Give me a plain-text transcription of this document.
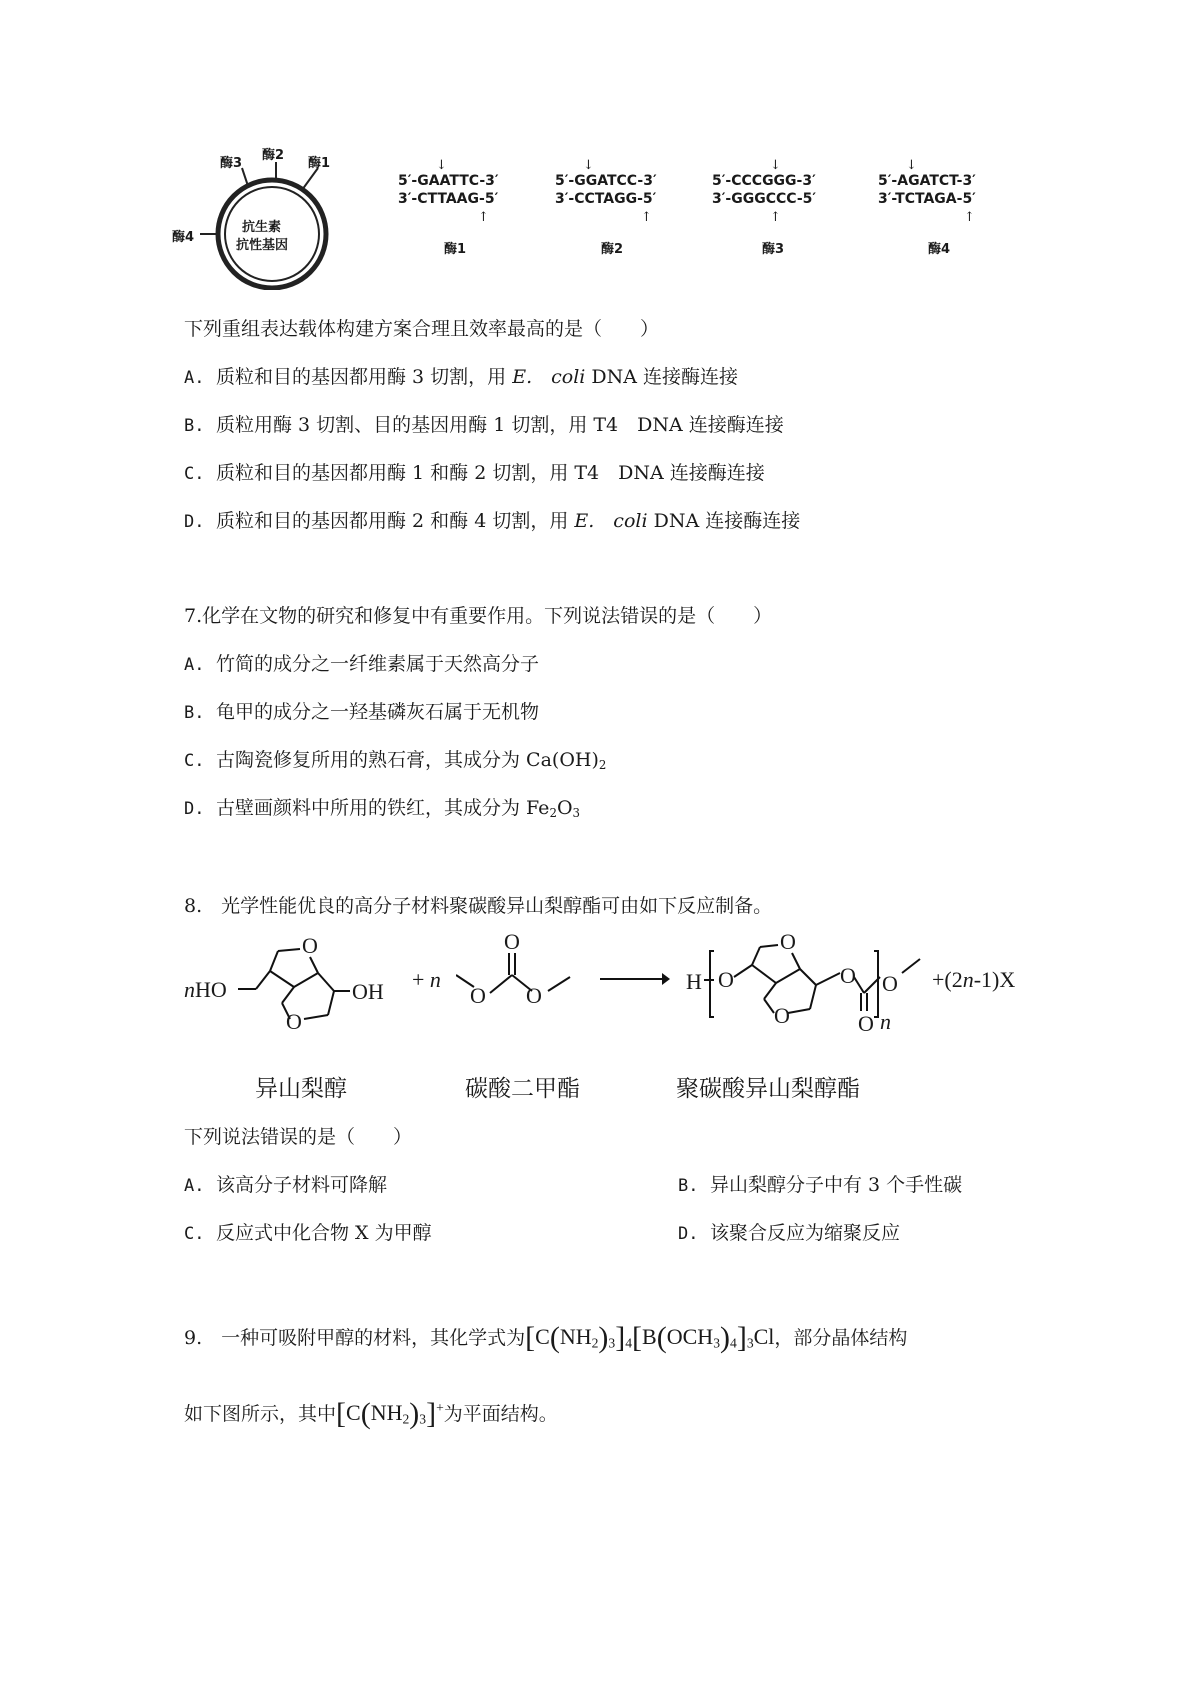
酶3
酶2
酶1
酶4
抗生素
抗性基因
↓
5′-GAATTC-3′
3′-CTTAAG-5′
↑
酶1
↓
5′-GGATCC-3′
3′-CCTAGG-5′
↑
酶2
↓
5′-CCCGGG-3′
3′-GGGCCC-5′
↑
酶3
↓
5′-AGATCT-3′
3′-TCTAGA-5′
↑
酶4
下列重组表达载体构建方案合理且效率最高的是（　　）
A. 质粒和目的基因都用酶 3 切割，用 E.　coli DNA 连接酶连接
B. 质粒用酶 3 切割、目的基因用酶 1 切割，用 T4　DNA 连接酶连接
C. 质粒和目的基因都用酶 1 和酶 2 切割，用 T4　DNA 连接酶连接
D. 质粒和目的基因都用酶 2 和酶 4 切割，用 E.　coli DNA 连接酶连接
7.化学在文物的研究和修复中有重要作用。下列说法错误的是（　　）
A. 竹简的成分之一纤维素属于天然高分子
B. 龟甲的成分之一羟基磷灰石属于无机物
C. 古陶瓷修复所用的熟石膏，其成分为 $Ca(OH)_2$
D. 古壁画颜料中所用的铁红，其成分为 $Fe_2O_3$
8.　光学性能优良的高分子材料聚碳酸异山梨醇酯可由如下反应制备。
nHO
O
O
OH + n
O
O O
H O
O
O
O
O
O
n
+(2n-1)X
异山梨醇	碳酸二甲酯	聚碳酸异山梨醇酯
下列说法错误的是（　　）
A. 该高分子材料可降解	B. 异山梨醇分子中有 3 个手性碳
C. 反应式中化合物 X 为甲醇	D. 该聚合反应为缩聚反应
9.　一种可吸附甲醇的材料，其化学式为$[C(NH_2)_3]_4[B(OCH_3)_4]_3Cl$，部分晶体结构
如下图所示，其中$[C(NH_2)_3]^+$为平面结构。
